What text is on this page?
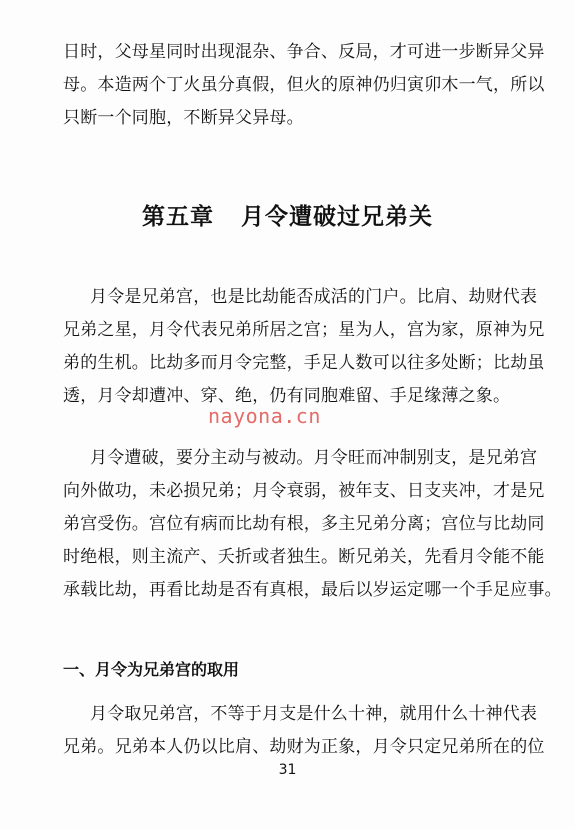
日时，父母星同时出现混杂、争合、反局，才可进一步断异父异
母。本造两个丁火虽分真假，但火的原神仍归寅卯木一气，所以
只断一个同胞，不断异父异母。
第五章   月令遭破过兄弟关
月令是兄弟宫，也是比劫能否成活的门户。比肩、劫财代表
兄弟之星，月令代表兄弟所居之宫；星为人，宫为家，原神为兄
弟的生机。比劫多而月令完整，手足人数可以往多处断；比劫虽
透，月令却遭冲、穿、绝，仍有同胞难留、手足缘薄之象。
nayona.cn
月令遭破，要分主动与被动。月令旺而冲制别支，是兄弟宫
向外做功，未必损兄弟；月令衰弱，被年支、日支夹冲，才是兄
弟宫受伤。宫位有病而比劫有根，多主兄弟分离；宫位与比劫同
时绝根，则主流产、夭折或者独生。断兄弟关，先看月令能不能
承载比劫，再看比劫是否有真根，最后以岁运定哪一个手足应事。
一、月令为兄弟宫的取用
月令取兄弟宫，不等于月支是什么十神，就用什么十神代表
兄弟。兄弟本人仍以比肩、劫财为正象，月令只定兄弟所在的位
31
